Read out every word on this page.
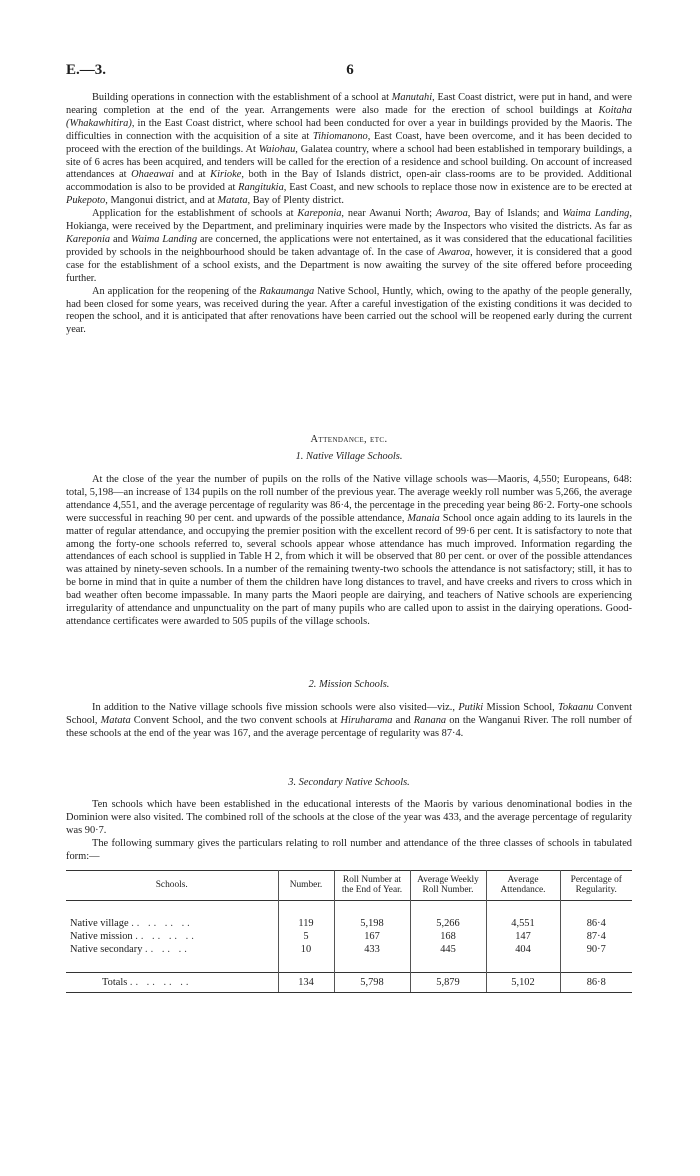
E.—3.	6

Building operations in connection with the establishment of a school at Manutahi, East Coast district, were put in hand, and were nearing completion at the end of the year. Arrangements were also made for the erection of school buildings at Koitaha (Whakawhitira), in the East Coast district, where school had been conducted for over a year in buildings provided by the Maoris. The difficulties in connection with the acquisition of a site at Tihiomanono, East Coast, have been overcome, and it has been decided to proceed with the erection of the buildings. At Waiohau, Galatea country, where a school had been established in temporary buildings, a site of 6 acres has been acquired, and tenders will be called for the erection of a residence and school building. On account of increased attendances at Ohaeawai and at Kirioke, both in the Bay of Islands district, open-air class-rooms are to be provided. Additional accommodation is also to be provided at Rangitukia, East Coast, and new schools to replace those now in existence are to be erected at Pukepoto, Mangonui district, and at Matata, Bay of Plenty district.

Application for the establishment of schools at Kareponia, near Awanui North; Awaroa, Bay of Islands; and Waima Landing, Hokianga, were received by the Department, and preliminary inquiries were made by the Inspectors who visited the districts. As far as Kareponia and Waima Landing are concerned, the applications were not entertained, as it was considered that the educational facilities provided by schools in the neighbourhood should be taken advantage of. In the case of Awaroa, however, it is considered that a good case for the establishment of a school exists, and the Department is now awaiting the survey of the site offered before proceeding further.

An application for the reopening of the Rakaumanga Native School, Huntly, which, owing to the apathy of the people generally, had been closed for some years, was received during the year. After a careful investigation of the existing conditions it was decided to reopen the school, and it is anticipated that after renovations have been carried out the school will be reopened early during the current year.

Attendance, etc.
1. Native Village Schools.

At the close of the year the number of pupils on the rolls of the Native village schools was—Maoris, 4,550; Europeans, 648: total, 5,198—an increase of 134 pupils on the roll number of the previous year. The average weekly roll number was 5,266, the average attendance 4,551, and the average percentage of regularity was 86·4, the percentage in the preceding year being 86·2. Forty-one schools were successful in reaching 90 per cent. and upwards of the possible attendance, Manaia School once again adding to its laurels in the matter of regular attendance, and occupying the premier position with the excellent record of 99·6 per cent. It is satisfactory to note that among the forty-one schools referred to, several schools appear whose attendance has much improved. Information regarding the attendances of each school is supplied in Table H 2, from which it will be observed that 80 per cent. or over of the possible attendances was attained by ninety-seven schools. In a number of the remaining twenty-two schools the attendance is not satisfactory; still, it has to be borne in mind that in quite a number of them the children have long distances to travel, and have creeks and rivers to cross which in bad weather often become impassable. In many parts the Maori people are dairying, and teachers of Native schools are experiencing irregularity of attendance and unpunctuality on the part of many pupils who are called upon to assist in the dairying operations. Good-attendance certificates were awarded to 505 pupils of the village schools.

2. Mission Schools.

In addition to the Native village schools five mission schools were also visited—viz., Putiki Mission School, Tokaanu Convent School, Matata Convent School, and the two convent schools at Hiruharama and Ranana on the Wanganui River. The roll number of these schools at the end of the year was 167, and the average percentage of regularity was 87·4.

3. Secondary Native Schools.

Ten schools which have been established in the educational interests of the Maoris by various denominational bodies in the Dominion were also visited. The combined roll of the schools at the close of the year was 433, and the average percentage of regularity was 90·7.

The following summary gives the particulars relating to roll number and attendance of the three classes of schools in tabulated form:—

Schools.	Number.	Roll Number at the End of Year.	Average Weekly Roll Number.	Average Attendance.	Percentage of Regularity.

Native village .. .. .. ..	119	5,198	5,266	4,551	86·4
Native mission .. .. .. ..	5	167	168	147	87·4
Native secondary .. .. ..	10	433	445	404	90·7

Totals .. .. .. ..	134	5,798	5,879	5,102	86·8
